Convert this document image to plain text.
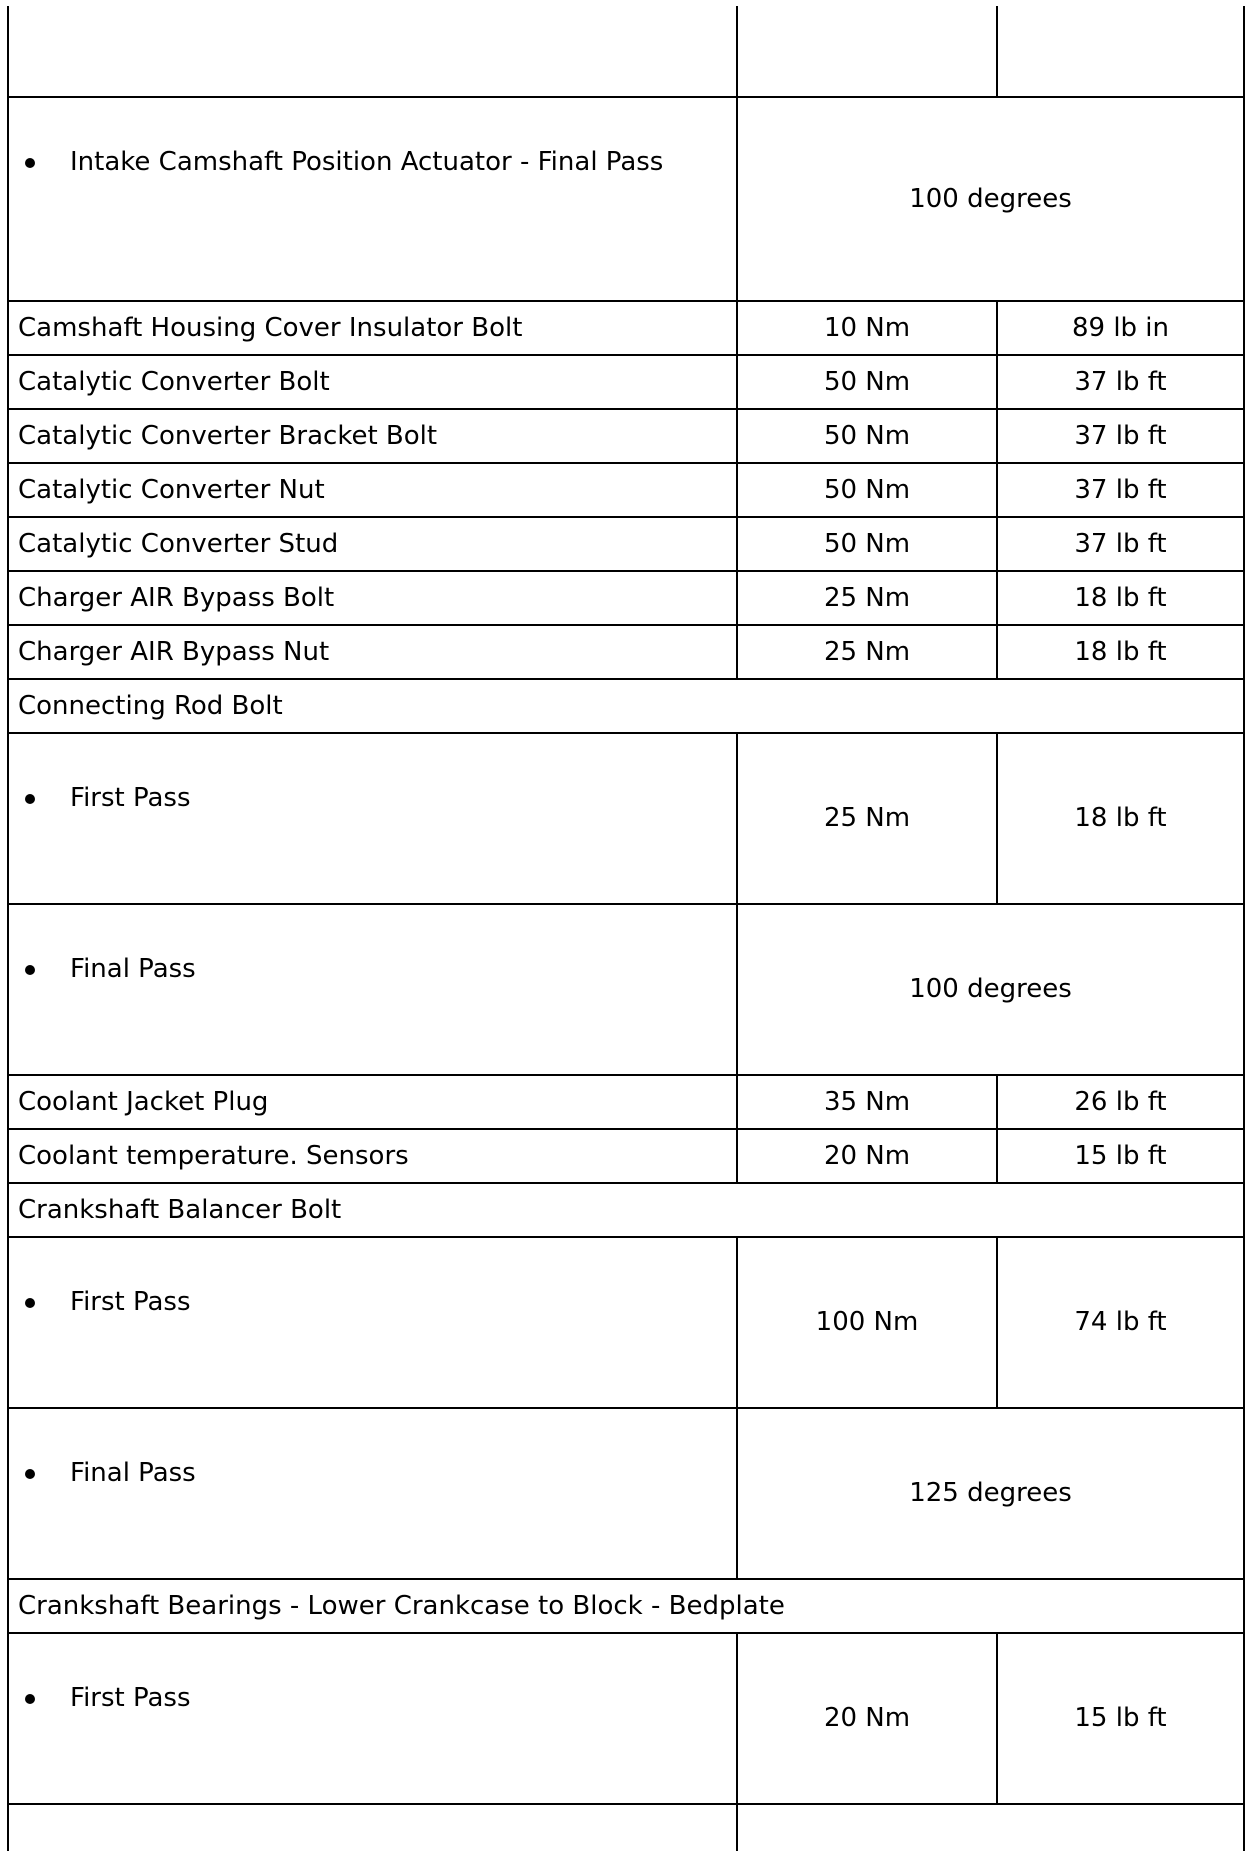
Intake Camshaft Position Actuator - Final Pass	100 degrees	
Camshaft Housing Cover Insulator Bolt	10 Nm	89 lb in
Catalytic Converter Bolt	50 Nm	37 lb ft
Catalytic Converter Bracket Bolt	50 Nm	37 lb ft
Catalytic Converter Nut	50 Nm	37 lb ft
Catalytic Converter Stud	50 Nm	37 lb ft
Charger AIR Bypass Bolt	25 Nm	18 lb ft
Charger AIR Bypass Nut	25 Nm	18 lb ft
Connecting Rod Bolt		

First Pass	25 Nm	18 lb ft

Final Pass	100 degrees	
Coolant Jacket Plug	35 Nm	26 lb ft
Coolant temperature. Sensors	20 Nm	15 lb ft
Crankshaft Balancer Bolt		

First Pass	100 Nm	74 lb ft

Final Pass	125 degrees	
Crankshaft Bearings - Lower Crankcase to Block - Bedplate		

First Pass	20 Nm	15 lb ft
